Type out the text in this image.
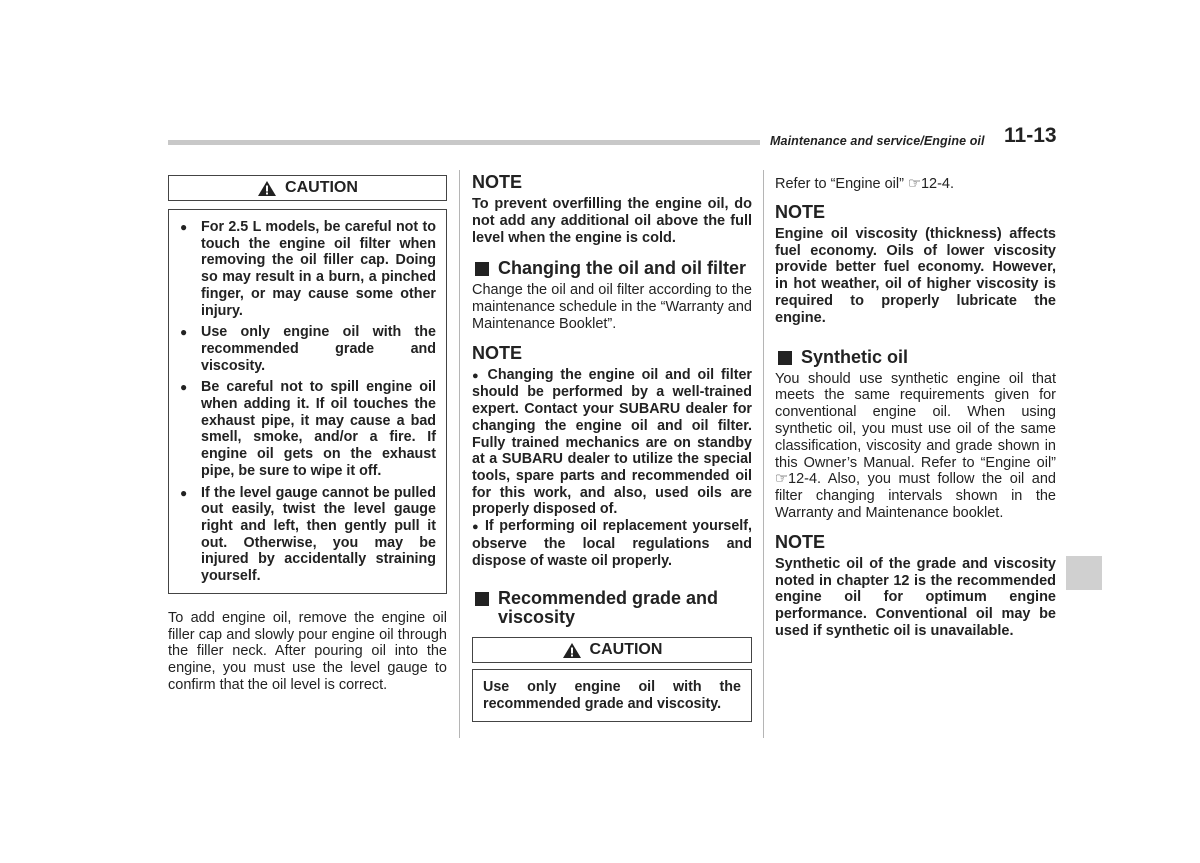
Maintenance and service/Engine oil 11-13
CAUTION
● For 2.5 L models, be careful not to touch the engine oil filter when removing the oil filler cap. Doing so may result in a burn, a pinched finger, or may cause some other injury.
● Use only engine oil with the recommended grade and viscosity.
● Be careful not to spill engine oil when adding it. If oil touches the exhaust pipe, it may cause a bad smell, smoke, and/or a fire. If engine oil gets on the exhaust pipe, be sure to wipe it off.
● If the level gauge cannot be pulled out easily, twist the level gauge right and left, then gently pull it out. Otherwise, you may be injured by accidentally straining yourself.
To add engine oil, remove the engine oil filler cap and slowly pour engine oil through the filler neck. After pouring oil into the engine, you must use the level gauge to confirm that the oil level is correct.
NOTE
To prevent overfilling the engine oil, do not add any additional oil above the full level when the engine is cold.
Changing the oil and oil filter
Change the oil and oil filter according to the maintenance schedule in the “Warranty and Maintenance Booklet”.
NOTE
● Changing the engine oil and oil filter should be performed by a well-trained expert. Contact your SUBARU dealer for changing the engine oil and oil filter. Fully trained mechanics are on standby at a SUBARU dealer to utilize the special tools, spare parts and recommended oil for this work, and also, used oils are properly disposed of.
● If performing oil replacement yourself, observe the local regulations and dispose of waste oil properly.
Recommended grade and viscosity
CAUTION
Use only engine oil with the recommended grade and viscosity.
Refer to “Engine oil” ☞12-4.
NOTE
Engine oil viscosity (thickness) affects fuel economy. Oils of lower viscosity provide better fuel economy. However, in hot weather, oil of higher viscosity is required to properly lubricate the engine.
Synthetic oil
You should use synthetic engine oil that meets the same requirements given for conventional engine oil. When using synthetic oil, you must use oil of the same classification, viscosity and grade shown in this Owner’s Manual. Refer to “Engine oil” ☞12-4. Also, you must follow the oil and filter changing intervals shown in the Warranty and Maintenance booklet.
NOTE
Synthetic oil of the grade and viscosity noted in chapter 12 is the recommended engine oil for optimum engine performance. Conventional oil may be used if synthetic oil is unavailable.
